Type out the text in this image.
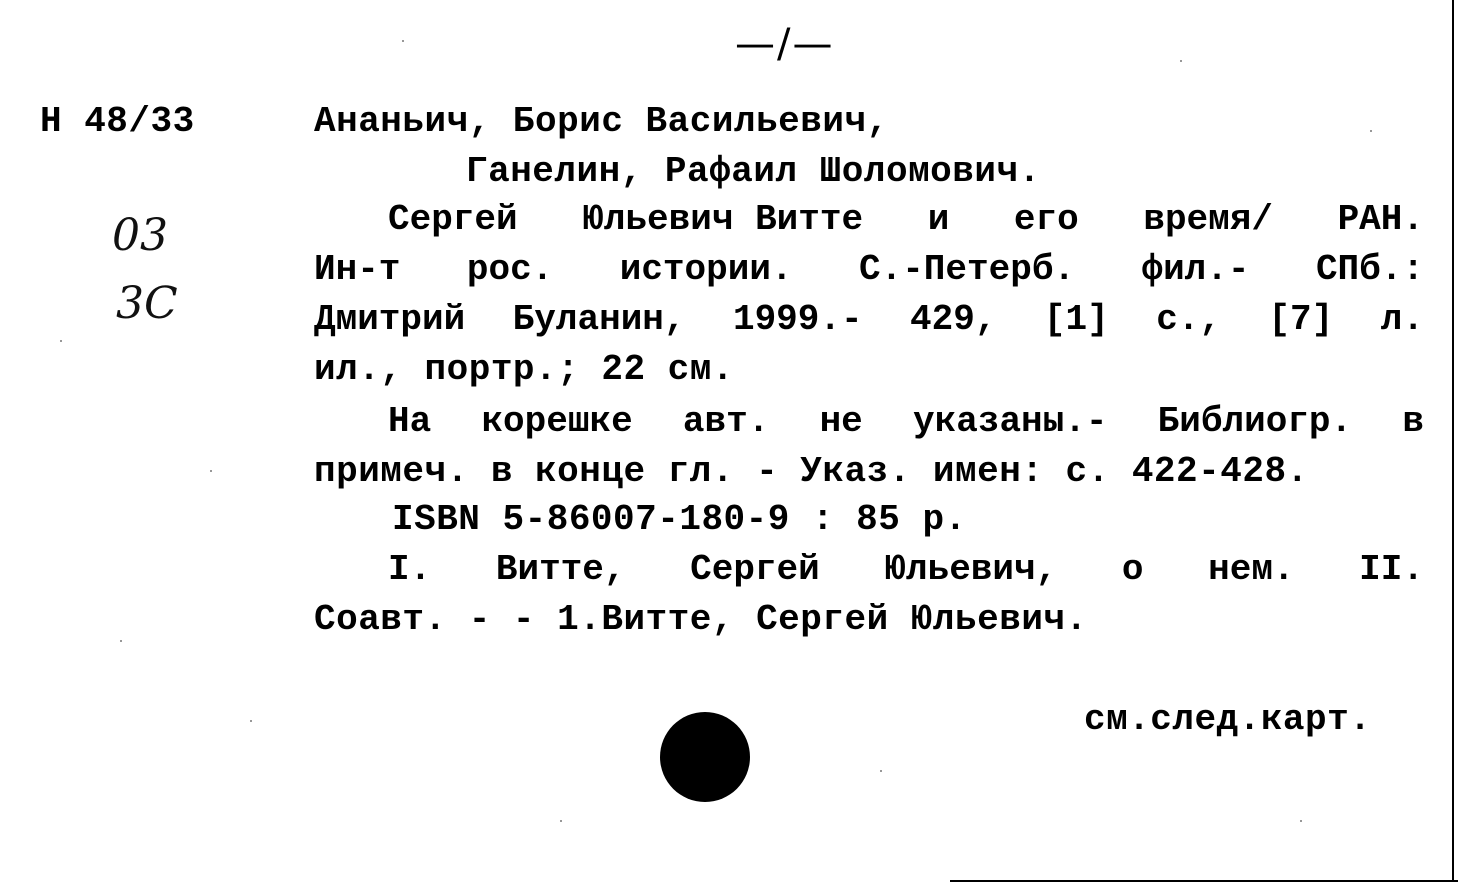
—/—
Н 48/33
03
3С
Ананьич, Борис Васильевич,
Ганелин, Рафаил Шоломович.
Сергей Юльевич Витте и его время/ РАН.
Ин-т рос. истории. С.-Петерб. фил.- СПб.:
Дмитрий Буланин, 1999.- 429, [1] с., [7] л.
ил., портр.; 22 см.
На корешке авт. не указаны.- Библиогр. в
примеч. в конце гл. - Указ. имен: с. 422-428.
ISBN 5-86007-180-9 : 85 р.
I. Витте, Сергей Юльевич, о нем. II.
Соавт. - - 1.Витте, Сергей Юльевич.
см.след.карт.
